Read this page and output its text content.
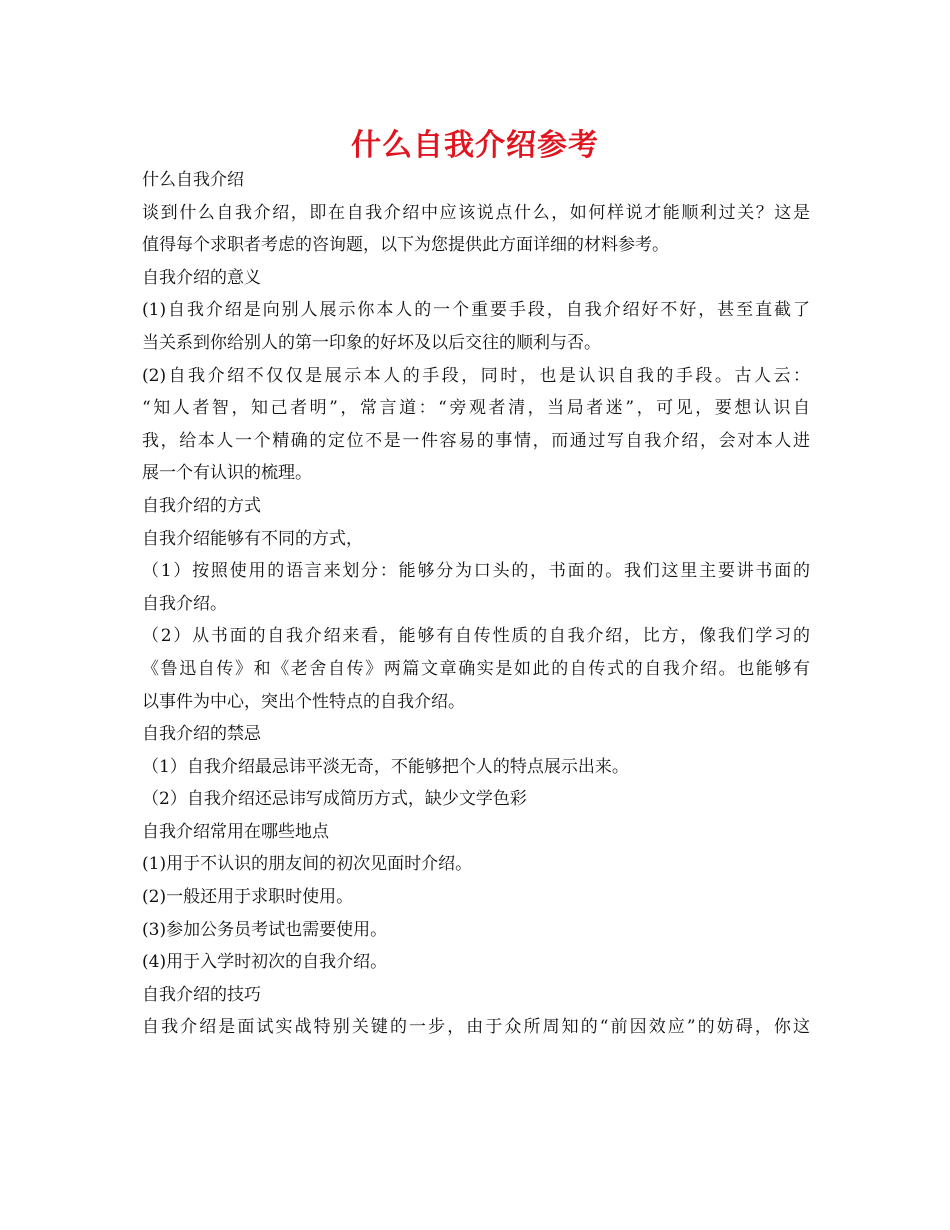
什么自我介绍参考
什么自我介绍
谈到什么自我介绍，即在自我介绍中应该说点什么，如何样说才能顺利过关？这是
值得每个求职者考虑的咨询题，以下为您提供此方面详细的材料参考。
自我介绍的意义
(1)自我介绍是向别人展示你本人的一个重要手段，自我介绍好不好，甚至直截了
当关系到你给别人的第一印象的好坏及以后交往的顺利与否。
(2)自我介绍不仅仅是展示本人的手段，同时，也是认识自我的手段。古人云：
“知人者智，知己者明”，常言道：“旁观者清，当局者迷”，可见，要想认识自
我，给本人一个精确的定位不是一件容易的事情，而通过写自我介绍，会对本人进
展一个有认识的梳理。
自我介绍的方式
自我介绍能够有不同的方式，
（1）按照使用的语言来划分：能够分为口头的，书面的。我们这里主要讲书面的
自我介绍。
（2）从书面的自我介绍来看，能够有自传性质的自我介绍，比方，像我们学习的
《鲁迅自传》和《老舍自传》两篇文章确实是如此的自传式的自我介绍。也能够有
以事件为中心，突出个性特点的自我介绍。
自我介绍的禁忌
（1）自我介绍最忌讳平淡无奇，不能够把个人的特点展示出来。
（2）自我介绍还忌讳写成简历方式，缺少文学色彩
自我介绍常用在哪些地点
(1)用于不认识的朋友间的初次见面时介绍。
(2)一般还用于求职时使用。
(3)参加公务员考试也需要使用。
(4)用于入学时初次的自我介绍。
自我介绍的技巧
自我介绍是面试实战特别关键的一步，由于众所周知的“前因效应”的妨碍，你这
